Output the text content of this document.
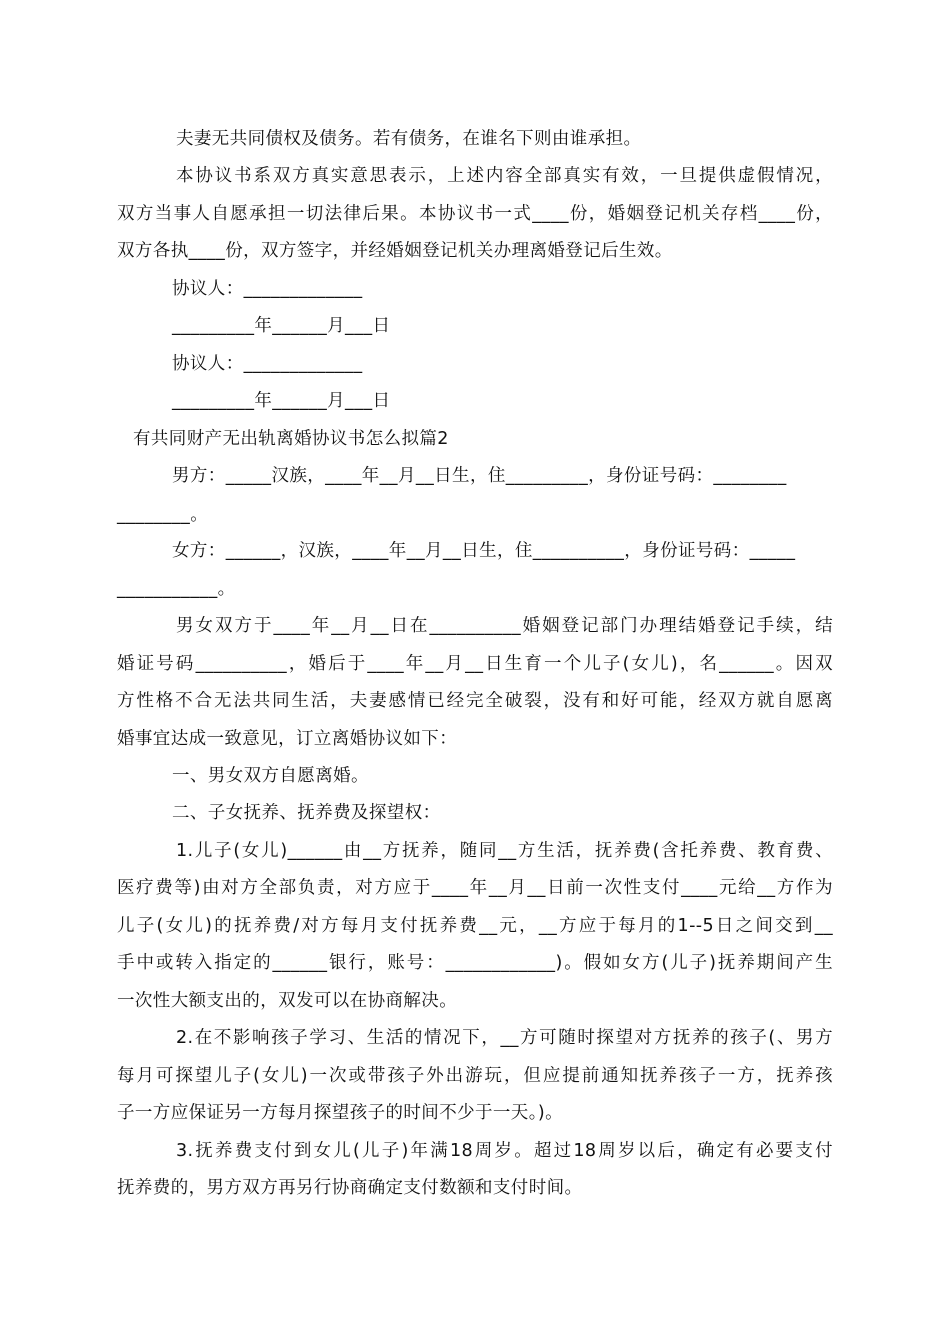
夫妻无共同债权及债务。若有债务，在谁名下则由谁承担。
本协议书系双方真实意思表示，上述内容全部真实有效，一旦提供虚假情况，
双方当事人自愿承担一切法律后果。本协议书一式____份，婚姻登记机关存档____份，
双方各执____份，双方签字，并经婚姻登记机关办理离婚登记后生效。
协议人：_____________
_________年______月___日
协议人：_____________
_________年______月___日
有共同财产无出轨离婚协议书怎么拟篇2
男方：_____汉族，____年__月__日生，住_________，身份证号码：________
________。
女方：______，汉族，____年__月__日生，住__________，身份证号码：_____
___________。
男女双方于____年__月__日在__________婚姻登记部门办理结婚登记手续，结
婚证号码__________，婚后于____年__月__日生育一个儿子(女儿)，名______。因双
方性格不合无法共同生活，夫妻感情已经完全破裂，没有和好可能，经双方就自愿离
婚事宜达成一致意见，订立离婚协议如下：
一、男女双方自愿离婚。
二、子女抚养、抚养费及探望权：
1.儿子(女儿)______由__方抚养，随同__方生活，抚养费(含托养费、教育费、
医疗费等)由对方全部负责，对方应于____年__月__日前一次性支付____元给__方作为
儿子(女儿)的抚养费/对方每月支付抚养费__元，__方应于每月的1--5日之间交到__
手中或转入指定的______银行，账号：____________)。假如女方(儿子)抚养期间产生
一次性大额支出的，双发可以在协商解决。
2.在不影响孩子学习、生活的情况下，__方可随时探望对方抚养的孩子(、男方
每月可探望儿子(女儿)一次或带孩子外出游玩，但应提前通知抚养孩子一方，抚养孩
子一方应保证另一方每月探望孩子的时间不少于一天。)。
3.抚养费支付到女儿(儿子)年满18周岁。超过18周岁以后，确定有必要支付
抚养费的，男方双方再另行协商确定支付数额和支付时间。
